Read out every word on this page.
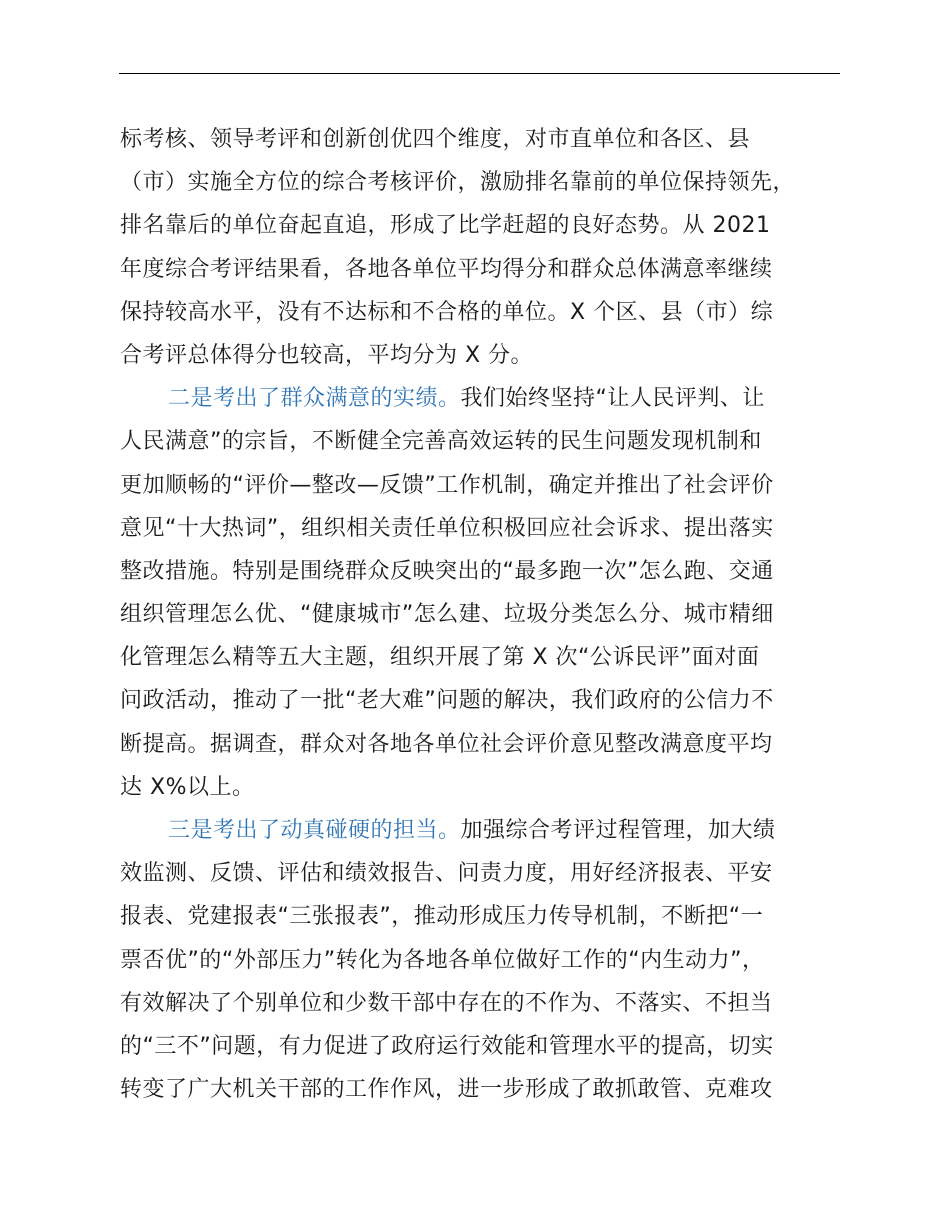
标考核、领导考评和创新创优四个维度，对市直单位和各区、县
（市）实施全方位的综合考核评价，激励排名靠前的单位保持领先，
排名靠后的单位奋起直追，形成了比学赶超的良好态势。从 2021
年度综合考评结果看，各地各单位平均得分和群众总体满意率继续
保持较高水平，没有不达标和不合格的单位。X 个区、县（市）综
合考评总体得分也较高，平均分为 X 分。
二是考出了群众满意的实绩。我们始终坚持“让人民评判、让
人民满意”的宗旨，不断健全完善高效运转的民生问题发现机制和
更加顺畅的“评价—整改—反馈”工作机制，确定并推出了社会评价
意见“十大热词”，组织相关责任单位积极回应社会诉求、提出落实
整改措施。特别是围绕群众反映突出的“最多跑一次”怎么跑、交通
组织管理怎么优、“健康城市”怎么建、垃圾分类怎么分、城市精细
化管理怎么精等五大主题，组织开展了第 X 次“公诉民评”面对面
问政活动，推动了一批“老大难”问题的解决，我们政府的公信力不
断提高。据调查，群众对各地各单位社会评价意见整改满意度平均
达 X%以上。
三是考出了动真碰硬的担当。加强综合考评过程管理，加大绩
效监测、反馈、评估和绩效报告、问责力度，用好经济报表、平安
报表、党建报表“三张报表”，推动形成压力传导机制，不断把“一
票否优”的“外部压力”转化为各地各单位做好工作的“内生动力”，
有效解决了个别单位和少数干部中存在的不作为、不落实、不担当
的“三不”问题，有力促进了政府运行效能和管理水平的提高，切实
转变了广大机关干部的工作作风，进一步形成了敢抓敢管、克难攻
